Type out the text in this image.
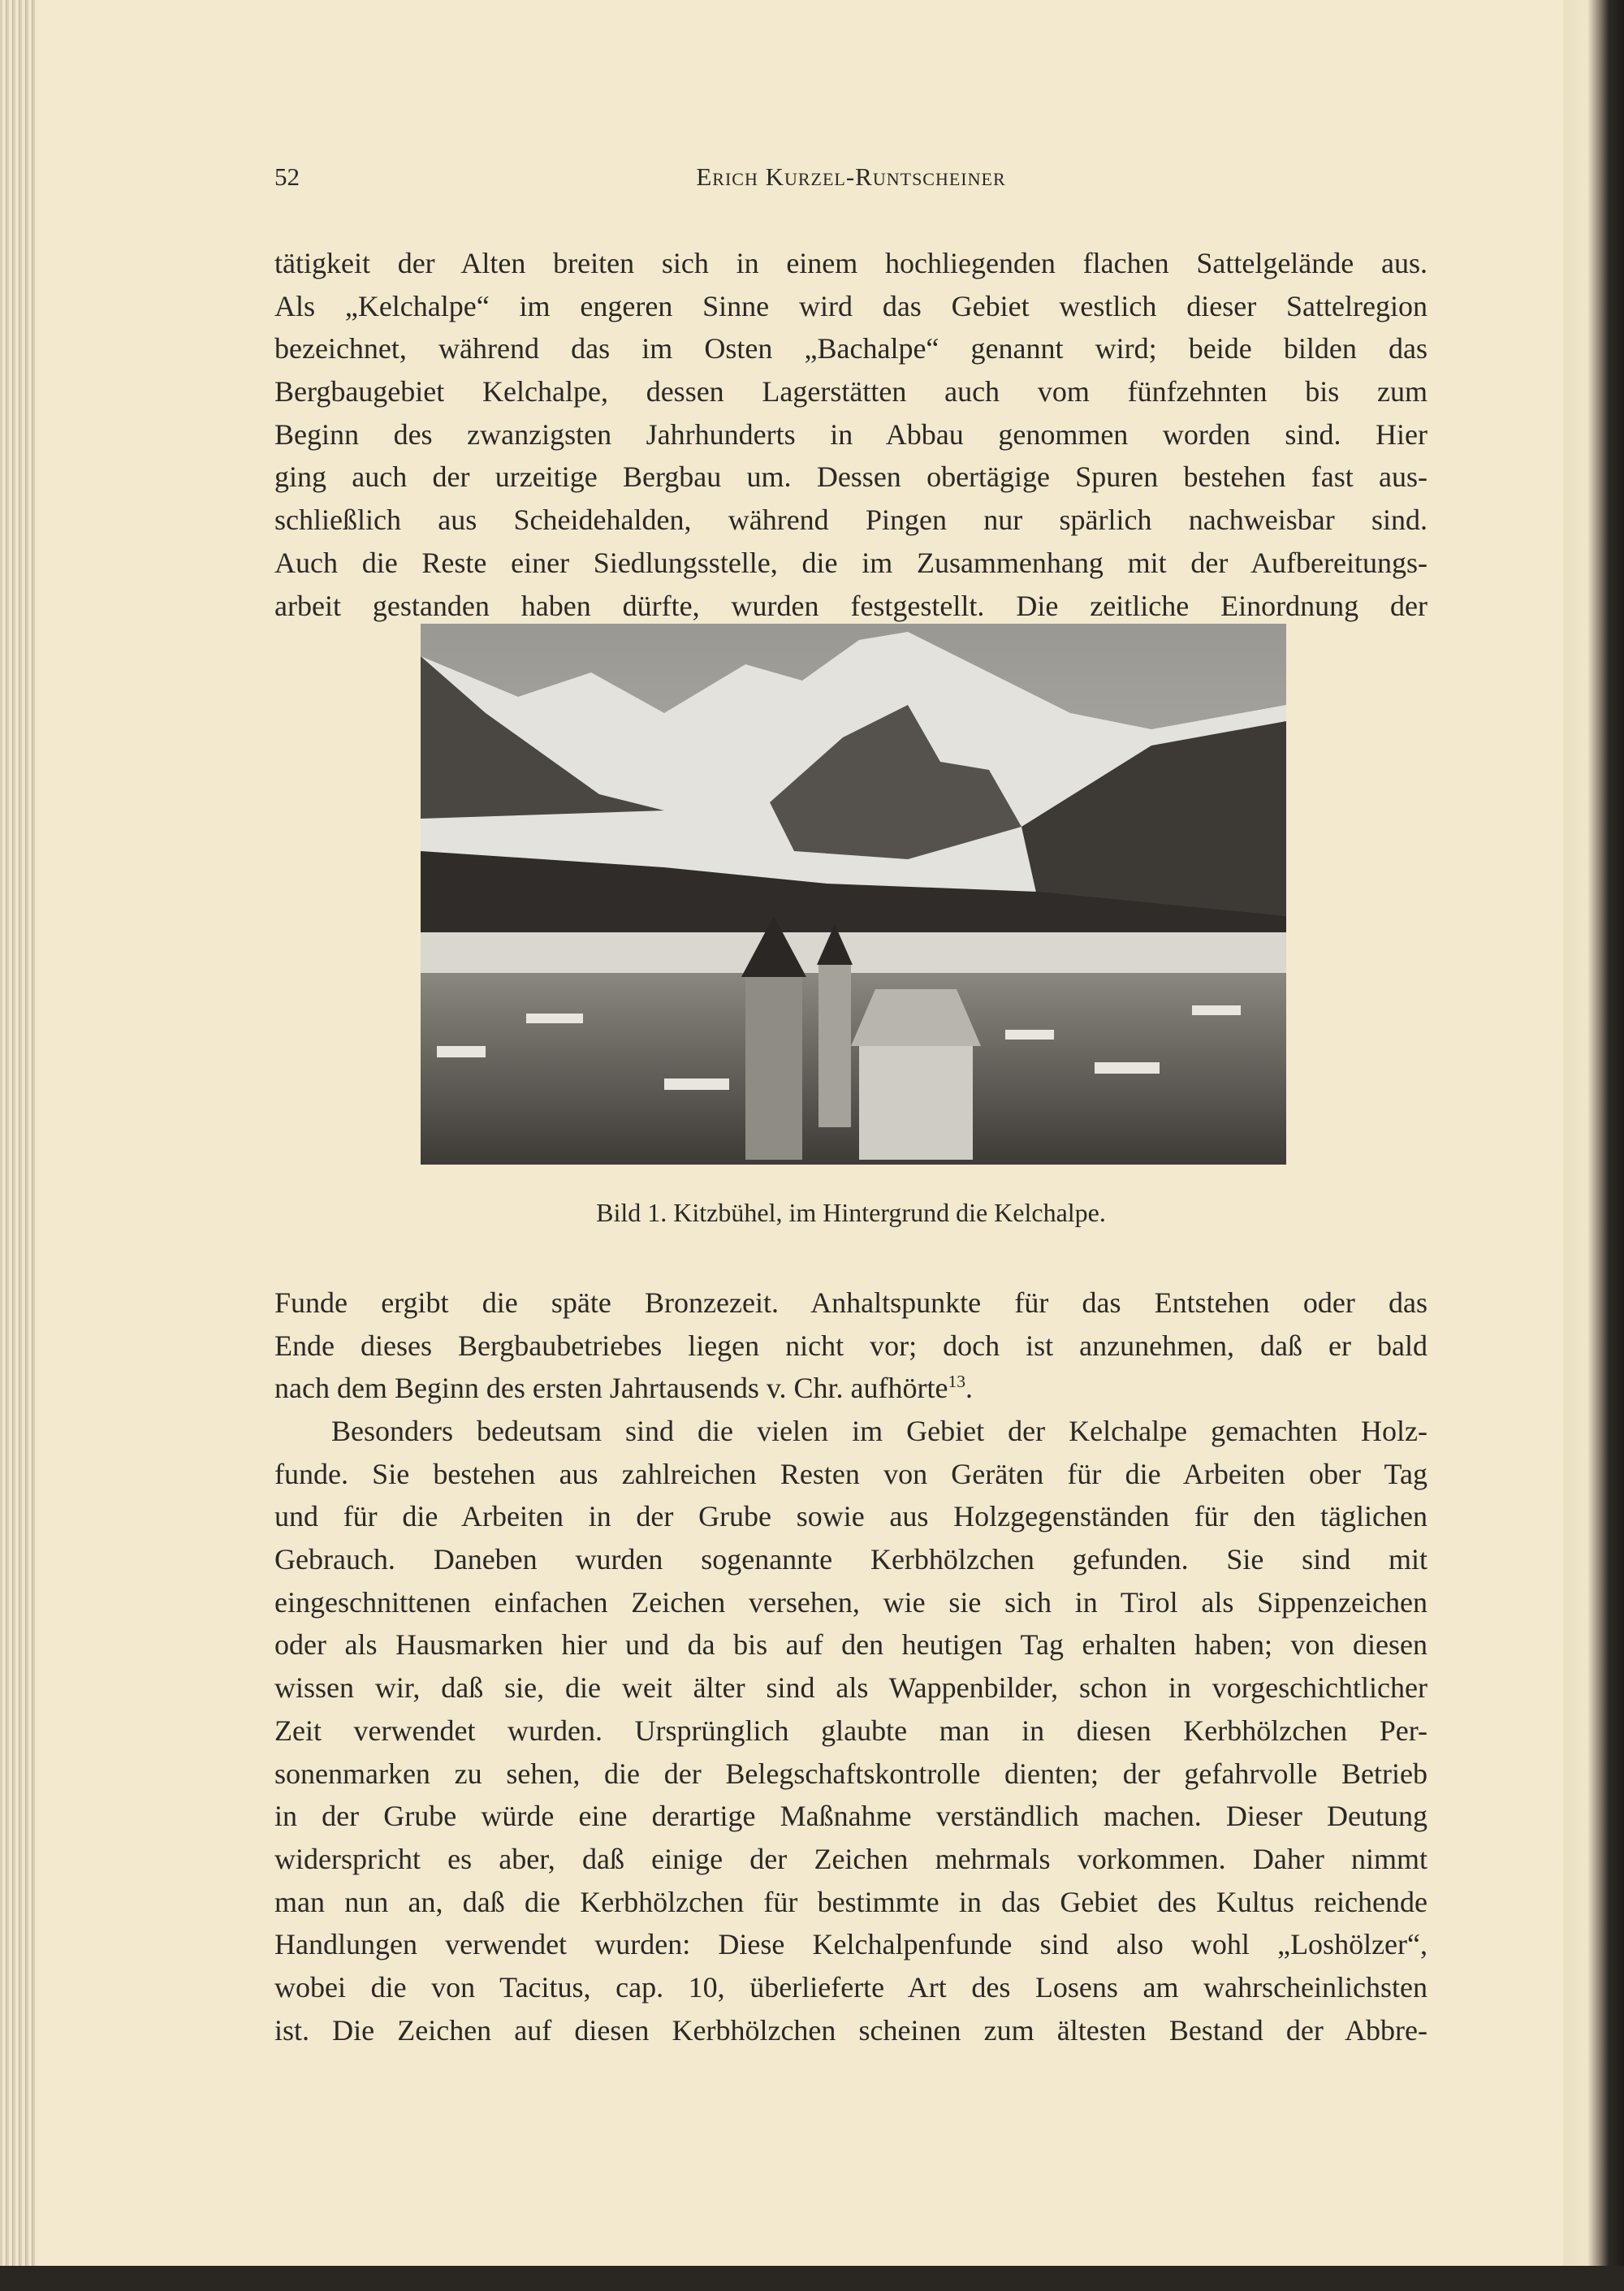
52	Erich Kurzel-Runtscheiner
tätigkeit der Alten breiten sich in einem hochliegenden flachen Sattelgelände aus.
Als „Kelchalpe“ im engeren Sinne wird das Gebiet westlich dieser Sattelregion
bezeichnet, während das im Osten „Bachalpe“ genannt wird; beide bilden das
Bergbaugebiet Kelchalpe, dessen Lagerstätten auch vom fünfzehnten bis zum
Beginn des zwanzigsten Jahrhunderts in Abbau genommen worden sind. Hier
ging auch der urzeitige Bergbau um. Dessen obertägige Spuren bestehen fast aus-
schließlich aus Scheidehalden, während Pingen nur spärlich nachweisbar sind.
Auch die Reste einer Siedlungsstelle, die im Zusammenhang mit der Aufbereitungs-
arbeit gestanden haben dürfte, wurden festgestellt. Die zeitliche Einordnung der
Bild 1. Kitzbühel, im Hintergrund die Kelchalpe.
Funde ergibt die späte Bronzezeit. Anhaltspunkte für das Entstehen oder das
Ende dieses Bergbaubetriebes liegen nicht vor; doch ist anzunehmen, daß er bald
nach dem Beginn des ersten Jahrtausends v. Chr. aufhörte$^{13}$.
Besonders bedeutsam sind die vielen im Gebiet der Kelchalpe gemachten Holz-
funde. Sie bestehen aus zahlreichen Resten von Geräten für die Arbeiten ober Tag
und für die Arbeiten in der Grube sowie aus Holzgegenständen für den täglichen
Gebrauch. Daneben wurden sogenannte Kerbhölzchen gefunden. Sie sind mit
eingeschnittenen einfachen Zeichen versehen, wie sie sich in Tirol als Sippenzeichen
oder als Hausmarken hier und da bis auf den heutigen Tag erhalten haben; von diesen
wissen wir, daß sie, die weit älter sind als Wappenbilder, schon in vorgeschichtlicher
Zeit verwendet wurden. Ursprünglich glaubte man in diesen Kerbhölzchen Per-
sonenmarken zu sehen, die der Belegschaftskontrolle dienten; der gefahrvolle Betrieb
in der Grube würde eine derartige Maßnahme verständlich machen. Dieser Deutung
widerspricht es aber, daß einige der Zeichen mehrmals vorkommen. Daher nimmt
man nun an, daß die Kerbhölzchen für bestimmte in das Gebiet des Kultus reichende
Handlungen verwendet wurden: Diese Kelchalpenfunde sind also wohl „Loshölzer“,
wobei die von Tacitus, cap. 10, überlieferte Art des Losens am wahrscheinlichsten
ist. Die Zeichen auf diesen Kerbhölzchen scheinen zum ältesten Bestand der Abbre-
